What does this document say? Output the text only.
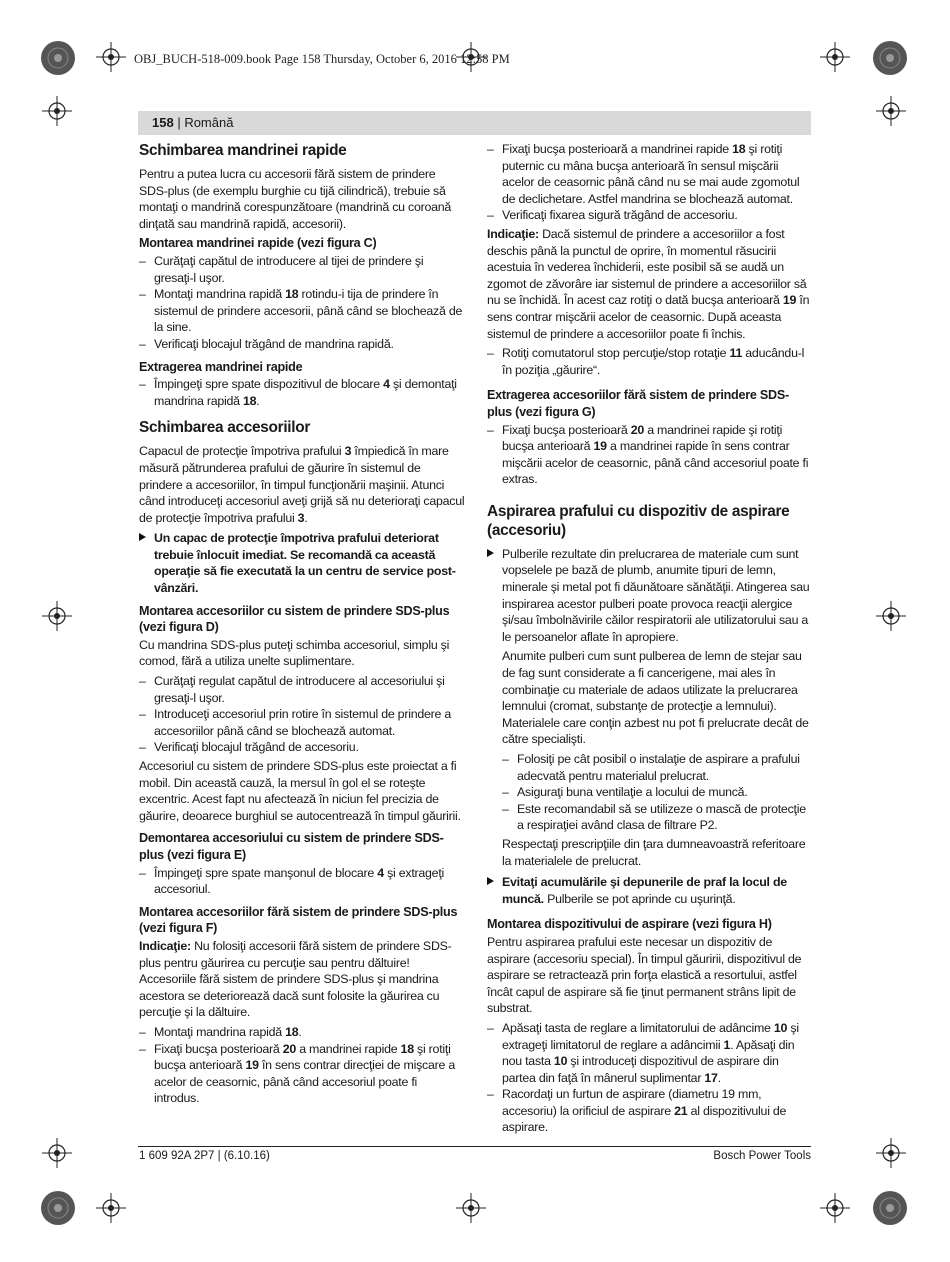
OBJ_BUCH-518-009.book Page 158 Thursday, October 6, 2016 12:58 PM
158 | Română
Schimbarea mandrinei rapide

Pentru a putea lucra cu accesorii fără sistem de prindere SDS-plus (de exemplu burghie cu tijă cilindrică), trebuie să montaţi o mandrină corespunzătoare (mandrină cu coroană dinţată sau mandrină rapidă, accesorii).

Montarea mandrinei rapide (vezi figura C)
– Curăţaţi capătul de introducere al tijei de prindere şi gresaţi-l uşor.
– Montaţi mandrina rapidă 18 rotindu-i tija de prindere în sistemul de prindere accesorii, până când se blochează de la sine.
– Verificaţi blocajul trăgând de mandrina rapidă.
Extragerea mandrinei rapide
– Împingeţi spre spate dispozitivul de blocare 4 şi demontaţi mandrina rapidă 18.
Schimbarea accesoriilor

Capacul de protecţie împotriva prafului 3 împiedică în mare măsură pătrunderea prafului de găurire în sistemul de prindere a accesoriilor, în timpul funcţionării maşinii. Atunci când introduceţi accesoriul aveţi grijă să nu deterioraţi capacul de protecţie împotriva prafului 3.

Un capac de protecţie împotriva prafului deteriorat trebuie înlocuit imediat. Se recomandă ca această operaţie să fie executată la un centru de service post-vânzări.
Montarea accesoriilor cu sistem de prindere SDS-plus (vezi figura D)

Cu mandrina SDS-plus puteţi schimba accesoriul, simplu şi comod, fără a utiliza unelte suplimentare.

– Curăţaţi regulat capătul de introducere al accesoriului şi gresaţi-l uşor.
– Introduceţi accesoriul prin rotire în sistemul de prindere a accesoriilor până când se blochează automat.
– Verificaţi blocajul trăgând de accesoriu.

Accesoriul cu sistem de prindere SDS-plus este proiectat a fi mobil. Din această cauză, la mersul în gol el se roteşte excentric. Acest fapt nu afectează în niciun fel precizia de găurire, deoarece burghiul se autocentrează în timpul găuririi.

Demontarea accesoriului cu sistem de prindere SDS-plus (vezi figura E)
– Împingeţi spre spate manşonul de blocare 4 şi extrageţi accesoriul.
Montarea accesoriilor fără sistem de prindere SDS-plus (vezi figura F)

Indicaţie: Nu folosiţi accesorii fără sistem de prindere SDS-plus pentru găurirea cu percuţie sau pentru dăltuire! Accesoriile fără sistem de prindere SDS-plus şi mandrina acestora se deteriorează dacă sunt folosite la găurirea cu percuţie şi la dăltuire.

– Montaţi mandrina rapidă 18.
– Fixaţi bucşa posterioară 20 a mandrinei rapide 18 şi rotiţi bucşa anterioară 19 în sens contrar direcţiei de mişcare a acelor de ceasornic, până când accesoriul poate fi introdus.
– Fixaţi bucşa posterioară a mandrinei rapide 18 şi rotiţi puternic cu mâna bucşa anterioară în sensul mişcării acelor de ceasornic până când nu se mai aude zgomotul de declichetare. Astfel mandrina se blochează automat.
– Verificaţi fixarea sigură trăgând de accesoriu.

Indicaţie: Dacă sistemul de prindere a accesoriilor a fost deschis până la punctul de oprire, în momentul răsucirii acestuia în vederea închiderii, este posibil să se audă un zgomot de zăvorâre iar sistemul de prindere a accesoriilor să nu se închidă. În acest caz rotiţi o dată bucşa anterioară 19 în sens contrar mişcării acelor de ceasornic. După aceasta sistemul de prindere a accesoriilor poate fi închis.

– Rotiţi comutatorul stop percuţie/stop rotaţie 11 aducându-l în poziţia „găurire“.
Extragerea accesoriilor fără sistem de prindere SDS-plus (vezi figura G)
– Fixaţi bucşa posterioară 20 a mandrinei rapide şi rotiţi bucşa anterioară 19 a mandrinei rapide în sens contrar mişcării acelor de ceasornic, până când accesoriul poate fi extras.
Aspirarea prafului cu dispozitiv de aspirare (accesoriu)

Pulberile rezultate din prelucrarea de materiale cum sunt vopselele pe bază de plumb, anumite tipuri de lemn, minerale şi metal pot fi dăunătoare sănătăţii. Atingerea sau inspirarea acestor pulberi poate provoca reacţii alergice şi/sau îmbolnăvirile căilor respiratorii ale utilizatorului sau a le persoanelor aflate în apropiere.

Anumite pulberi cum sunt pulberea de lemn de stejar sau de fag sunt considerate a fi cancerigene, mai ales în combinaţie cu materiale de adaos utilizate la prelucrarea lemnului (cromat, substanţe de protecţie a lemnului). Materialele care conţin azbest nu pot fi prelucrate decât de către specialişti.

– Folosiţi pe cât posibil o instalaţie de aspirare a prafului adecvată pentru materialul prelucrat.
– Asiguraţi buna ventilaţie a locului de muncă.
– Este recomandabil să se utilizeze o mască de protecţie a respiraţiei având clasa de filtrare P2.

Respectaţi prescripţiile din ţara dumneavoastră referitoare la materialele de prelucrat.

Evitaţi acumulările şi depunerile de praf la locul de muncă. Pulberile se pot aprinde cu uşurinţă.
Montarea dispozitivului de aspirare (vezi figura H)

Pentru aspirarea prafului este necesar un dispozitiv de aspirare (accesoriu special). În timpul găuririi, dispozitivul de aspirare se retractează prin forţa elastică a resortului, astfel încât capul de aspirare să fie ţinut permanent strâns lipit de substrat.

– Apăsaţi tasta de reglare a limitatorului de adâncime 10 şi extrageţi limitatorul de reglare a adâncimii 1. Apăsaţi din nou tasta 10 şi introduceţi dispozitivul de aspirare din partea din faţă în mânerul suplimentar 17.
– Racordaţi un furtun de aspirare (diametru 19 mm, accesoriu) la orificiul de aspirare 21 al dispozitivului de aspirare.
1 609 92A 2P7 | (6.10.16)	Bosch Power Tools
